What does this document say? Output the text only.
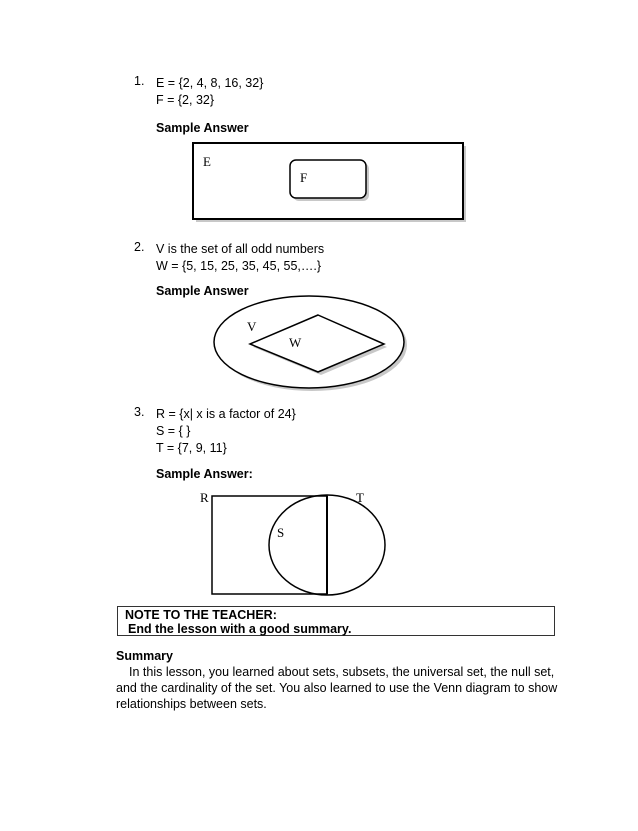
1. E = {2, 4, 8, 16, 32}
F = {2, 32}
Sample Answer
E
F
2. V is the set of all odd numbers
W = {5, 15, 25, 35, 45, 55,….}
Sample Answer
V
W
3. R = {x| x is a factor of 24}
S = { }
T = {7, 9, 11}
Sample Answer:
R	T
S
NOTE TO THE TEACHER:
End the lesson with a good summary.
Summary
In this lesson, you learned about sets, subsets, the universal set, the null set, and the cardinality of the set. You also learned to use the Venn diagram to show relationships between sets.
